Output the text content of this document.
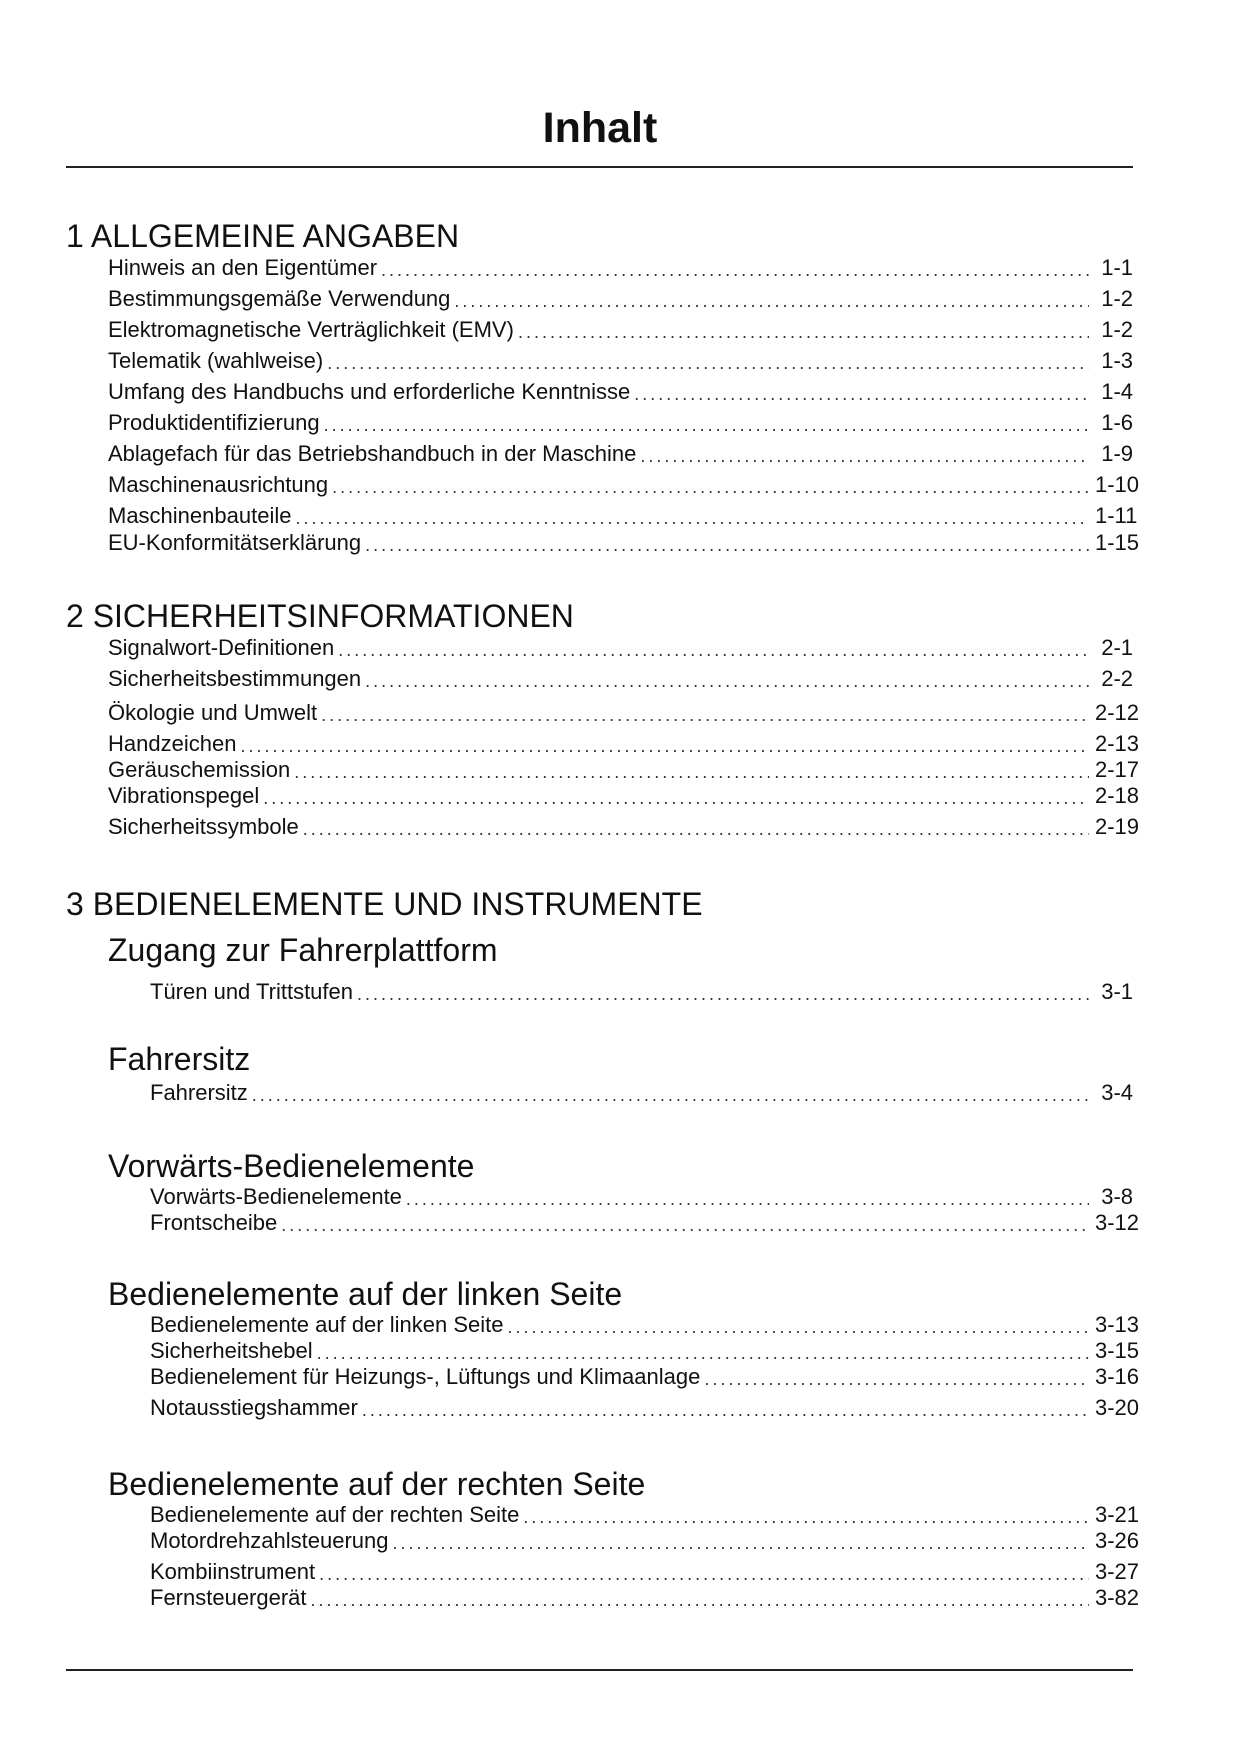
Inhalt
1 ALLGEMEINE ANGABEN
Hinweis an den Eigentümer .....	1-1
Bestimmungsgemäße Verwendung .....	1-2
Elektromagnetische Verträglichkeit (EMV) .....	1-2
Telematik (wahlweise) .....	1-3
Umfang des Handbuchs und erforderliche Kenntnisse .....	1-4
Produktidentifizierung .....	1-6
Ablagefach für das Betriebshandbuch in der Maschine .....	1-9
Maschinenausrichtung .....	1-10
Maschinenbauteile .....	1-11
EU-Konformitätserklärung .....	1-15
2 SICHERHEITSINFORMATIONEN
Signalwort-Definitionen .....	2-1
Sicherheitsbestimmungen .....	2-2
Ökologie und Umwelt .....	2-12
Handzeichen .....	2-13
Geräuschemission .....	2-17
Vibrationspegel .....	2-18
Sicherheitssymbole .....	2-19
3 BEDIENELEMENTE UND INSTRUMENTE
Zugang zur Fahrerplattform
Türen und Trittstufen .....	3-1
Fahrersitz
Fahrersitz .....	3-4
Vorwärts-Bedienelemente
Vorwärts-Bedienelemente .....	3-8
Frontscheibe .....	3-12
Bedienelemente auf der linken Seite
Bedienelemente auf der linken Seite .....	3-13
Sicherheitshebel .....	3-15
Bedienelement für Heizungs-, Lüftungs und Klimaanlage .....	3-16
Notausstiegshammer .....	3-20
Bedienelemente auf der rechten Seite
Bedienelemente auf der rechten Seite .....	3-21
Motordrehzahlsteuerung .....	3-26
Kombiinstrument .....	3-27
Fernsteuergerät .....	3-82
